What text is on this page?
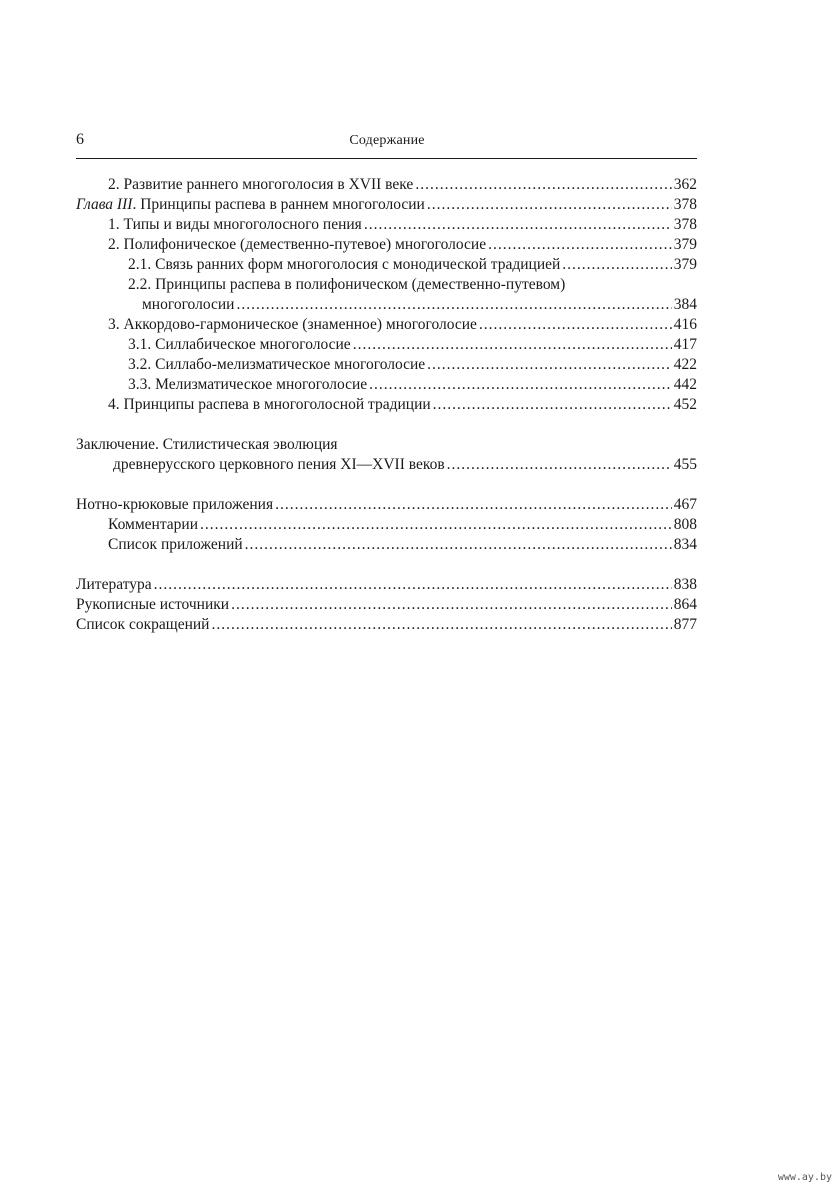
6	Содержание
2. Развитие раннего многоголосия в XVII веке .....	362
Глава III. Принципы распева в раннем многоголосии .....	378
1. Типы и виды многоголосного пения .....	378
2. Полифоническое (демественно-путевое) многоголосие .....	379
2.1. Связь ранних форм многоголосия с монодической традицией .....	379
2.2. Принципы распева в полифоническом (демественно-путевом)
многоголосии .....	384
3. Аккордово-гармоническое (знаменное) многоголосие .....	416
3.1. Силлабическое многоголосие .....	417
3.2. Силлабо-мелизматическое многоголосие .....	422
3.3. Мелизматическое многоголосие .....	442
4. Принципы распева в многоголосной традиции .....	452
Заключение. Стилистическая эволюция
древнерусского церковного пения XI—XVII веков .....	455
Нотно-крюковые приложения .....	467
Комментарии .....	808
Список приложений .....	834
Литература .....	838
Рукописные источники .....	864
Список сокращений .....	877
www.ay.by
